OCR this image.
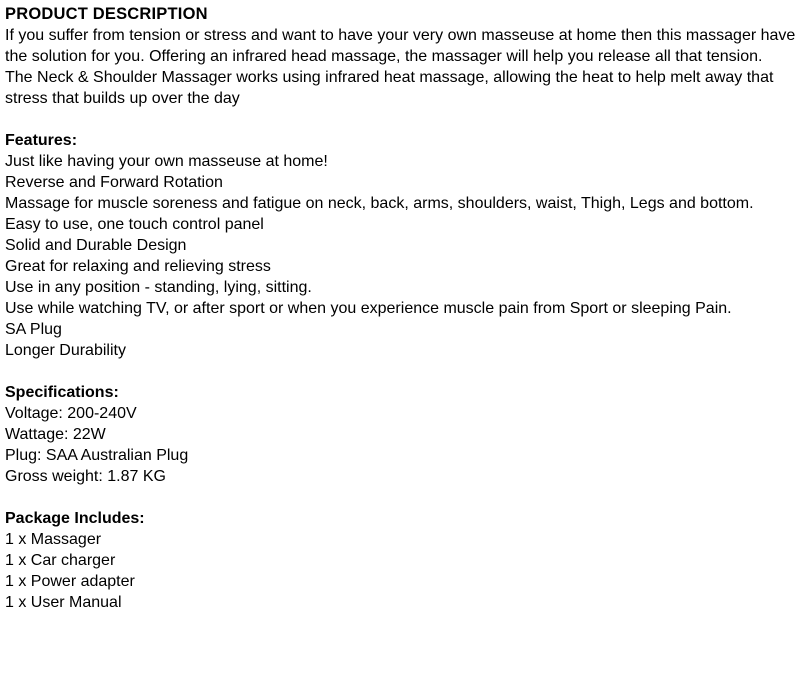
PRODUCT DESCRIPTION

If you suffer from tension or stress and want to have your very own masseuse at home then this massager have the solution for you. Offering an infrared head massage, the massager will help you release all that tension.

The Neck & Shoulder Massager works using infrared heat massage, allowing the heat to help melt away that stress that builds up over the day

Features:

Just like having your own masseuse at home!

Reverse and Forward Rotation

Massage for muscle soreness and fatigue on neck, back, arms, shoulders, waist, Thigh, Legs and bottom.

Easy to use, one touch control panel

Solid and Durable Design

Great for relaxing and relieving stress

Use in any position - standing, lying, sitting.

Use while watching TV, or after sport or when you experience muscle pain from Sport or sleeping Pain.

SA Plug

Longer Durability

Specifications:

Voltage: 200-240V

Wattage: 22W

Plug: SAA Australian Plug

Gross weight: 1.87 KG

Package Includes:

1 x Massager

1 x Car charger

1 x Power adapter

1 x User Manual
